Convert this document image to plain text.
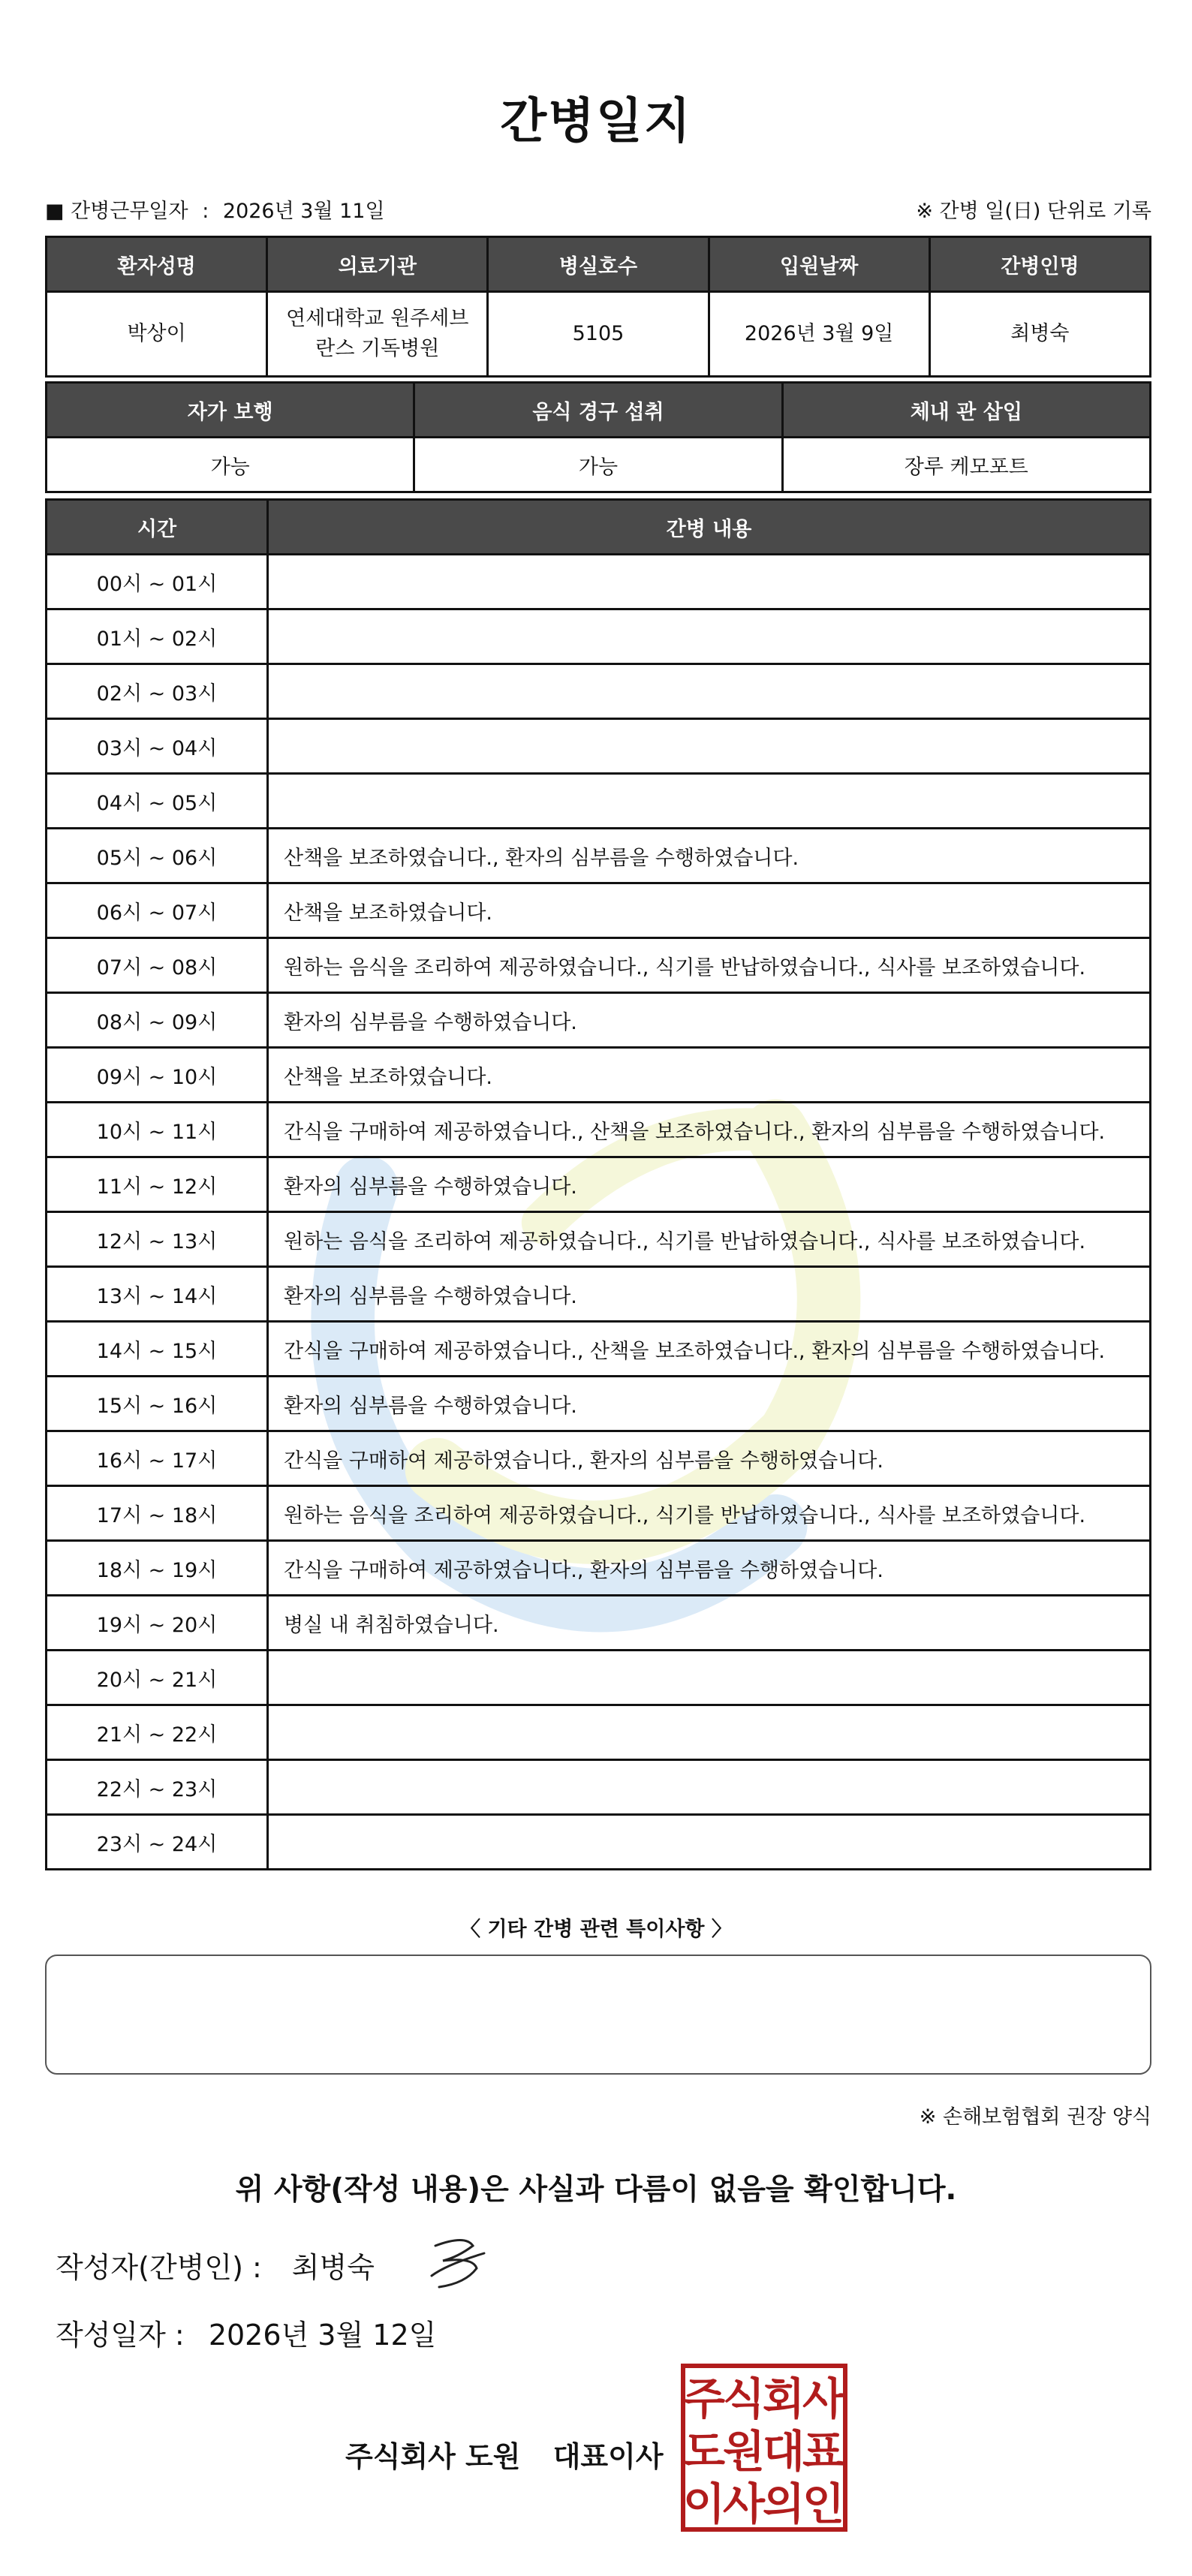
간병일지
■ 간병근무일자 : 2026년 3월 11일	※ 간병 일(日) 단위로 기록
환자성명	의료기관	병실호수	입원날짜	간병인명
박상이	연세대학교 원주세브란스 기독병원	5105	2026년 3월 9일	최병숙
자가 보행	음식 경구 섭취	체내 관 삽입
가능	가능	장루 케모포트
시간	간병 내용
00시 ~ 01시	
01시 ~ 02시	
02시 ~ 03시	
03시 ~ 04시	
04시 ~ 05시	
05시 ~ 06시	산책을 보조하였습니다., 환자의 심부름을 수행하였습니다.
06시 ~ 07시	산책을 보조하였습니다.
07시 ~ 08시	원하는 음식을 조리하여 제공하였습니다., 식기를 반납하였습니다., 식사를 보조하였습니다.
08시 ~ 09시	환자의 심부름을 수행하였습니다.
09시 ~ 10시	산책을 보조하였습니다.
10시 ~ 11시	간식을 구매하여 제공하였습니다., 산책을 보조하였습니다., 환자의 심부름을 수행하였습니다.
11시 ~ 12시	환자의 심부름을 수행하였습니다.
12시 ~ 13시	원하는 음식을 조리하여 제공하였습니다., 식기를 반납하였습니다., 식사를 보조하였습니다.
13시 ~ 14시	환자의 심부름을 수행하였습니다.
14시 ~ 15시	간식을 구매하여 제공하였습니다., 산책을 보조하였습니다., 환자의 심부름을 수행하였습니다.
15시 ~ 16시	환자의 심부름을 수행하였습니다.
16시 ~ 17시	간식을 구매하여 제공하였습니다., 환자의 심부름을 수행하였습니다.
17시 ~ 18시	원하는 음식을 조리하여 제공하였습니다., 식기를 반납하였습니다., 식사를 보조하였습니다.
18시 ~ 19시	간식을 구매하여 제공하였습니다., 환자의 심부름을 수행하였습니다.
19시 ~ 20시	병실 내 취침하였습니다.
20시 ~ 21시	
21시 ~ 22시	
22시 ~ 23시	
23시 ~ 24시	
〈 기타 간병 관련 특이사항 〉
※ 손해보험협회 권장 양식
위 사항(작성 내용)은 사실과 다름이 없음을 확인합니다.
작성자(간병인) : 최병숙
작성일자 : 2026년 3월 12일
주식회사 도원 대표이사
주
식
회
사
도
원
대
표
이
사
의
인
